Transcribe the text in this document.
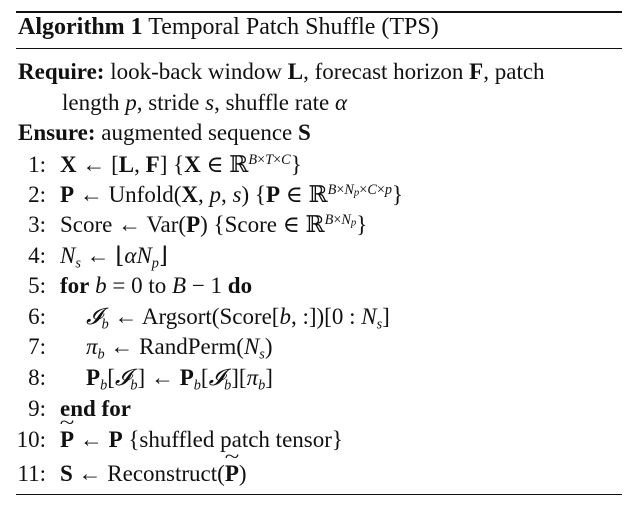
Algorithm 1 Temporal Patch Shuffle (TPS)
Require: look-back window L, forecast horizon F, patch
length p, stride s, shuffle rate α
Ensure: augmented sequence S
1: X ← [L, F] {X ∈ ℝ$^{B\times T\times C}$}
2: P ← Unfold(X, p, s) {P ∈ ℝ$^{B\times Np\times C\times p}$}
3: Score ← Var(P) {Score ∈ ℝ$^{B\times Np}$}
4: $N_s$ ← $⌊\alpha N_p⌋$
5: for b = 0 to B − 1 do
6: 𝓘$_b$ ← Argsort(Score[b, :])[0 : $N_s$]
7: $\pi_b$ ← $RandPerm(N_s)$
8: $P_b[𝓘_b]$ ← $P_b[𝓘_b][\pi_b]$
9: end for
10:
~ P ← P {shuffled patch tensor}
11: S ← Reconstruct(~ P)
